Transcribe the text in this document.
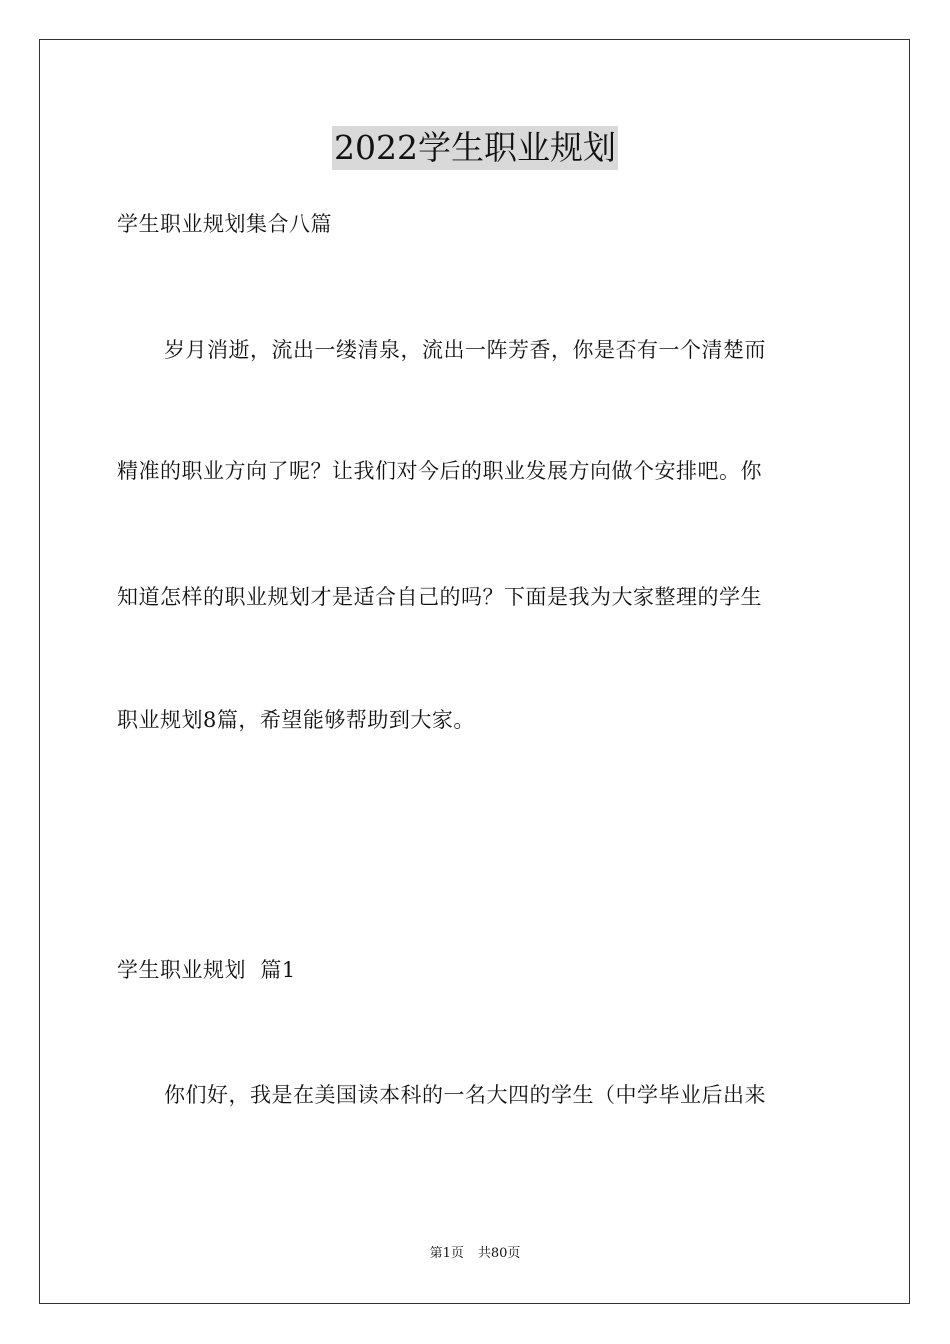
2022学生职业规划
学生职业规划集合八篇
岁月消逝，流出一缕清泉，流出一阵芳香，你是否有一个清楚而
精准的职业方向了呢？让我们对今后的职业发展方向做个安排吧。你
知道怎样的职业规划才是适合自己的吗？下面是我为大家整理的学生
职业规划8篇，希望能够帮助到大家。
学生职业规划  篇1
你们好，我是在美国读本科的一名大四的学生（中学毕业后出来
第1页 共80页
